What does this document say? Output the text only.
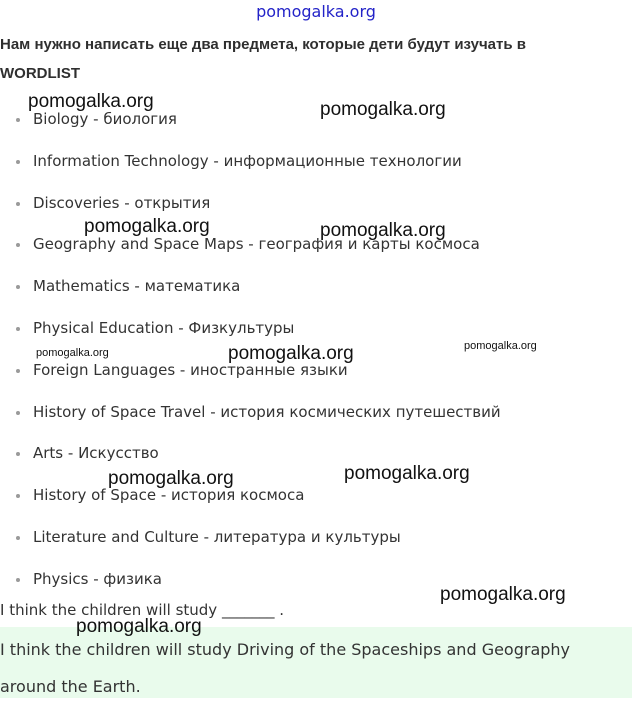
pomogalka.org
Нам нужно написать еще два предмета, которые дети будут изучать в WORDLIST
Biology - биология
Information Technology - информационные технологии
Discoveries - открытия
Geography and Space Maps - география и карты космоса
Mathematics - математика
Physical Education - Физкультуры
Foreign Languages - иностранные языки
History of Space Travel - история космических путешествий
Arts - Искусство
History of Space - история космоса
Literature and Culture - литература и культуры
Physics - физика
I think the children will study _______ .
I think the children will study Driving of the Spaceships and Geography around the Earth.
pomogalka.org	pomogalka.org
pomogalka.org	pomogalka.org
pomogalka.org	pomogalka.org	pomogalka.org
pomogalka.org	pomogalka.org
pomogalka.org
pomogalka.org
